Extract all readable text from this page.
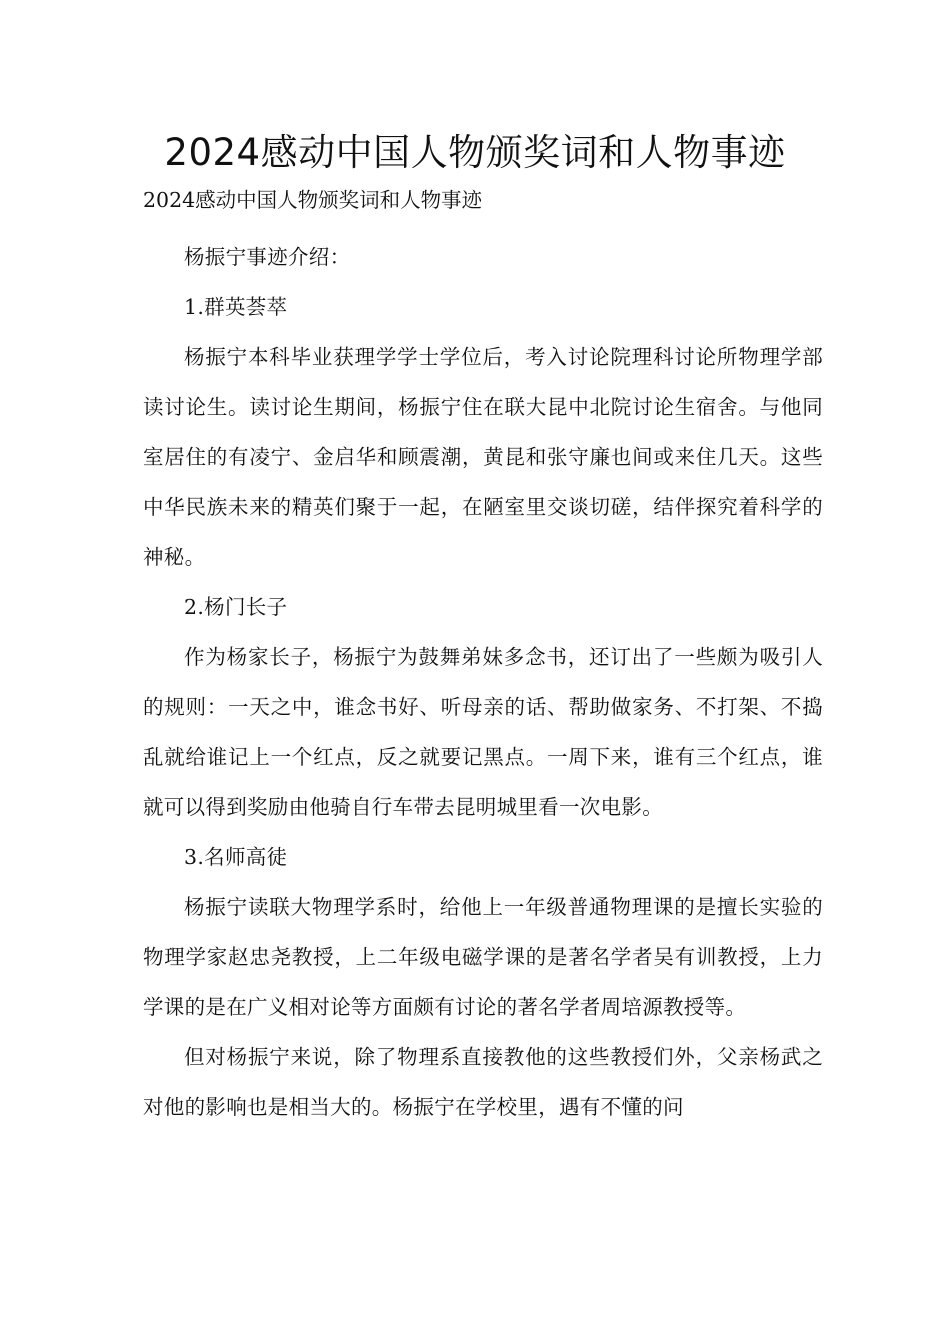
2024感动中国人物颁奖词和人物事迹

2024感动中国人物颁奖词和人物事迹

杨振宁事迹介绍：

1.群英荟萃

杨振宁本科毕业获理学学士学位后，考入讨论院理科讨论所物理学部读讨论生。读讨论生期间，杨振宁住在联大昆中北院讨论生宿舍。与他同室居住的有凌宁、金启华和顾震潮，黄昆和张守廉也间或来住几天。这些中华民族未来的精英们聚于一起，在陋室里交谈切磋，结伴探究着科学的神秘。

2.杨门长子

作为杨家长子，杨振宁为鼓舞弟妹多念书，还订出了一些颇为吸引人的规则：一天之中，谁念书好、听母亲的话、帮助做家务、不打架、不捣乱就给谁记上一个红点，反之就要记黑点。一周下来，谁有三个红点，谁就可以得到奖励由他骑自行车带去昆明城里看一次电影。

3.名师高徒

杨振宁读联大物理学系时，给他上一年级普通物理课的是擅长实验的物理学家赵忠尧教授，上二年级电磁学课的是著名学者吴有训教授，上力学课的是在广义相对论等方面颇有讨论的著名学者周培源教授等。

但对杨振宁来说，除了物理系直接教他的这些教授们外，父亲杨武之对他的影响也是相当大的。杨振宁在学校里，遇有不懂的问
